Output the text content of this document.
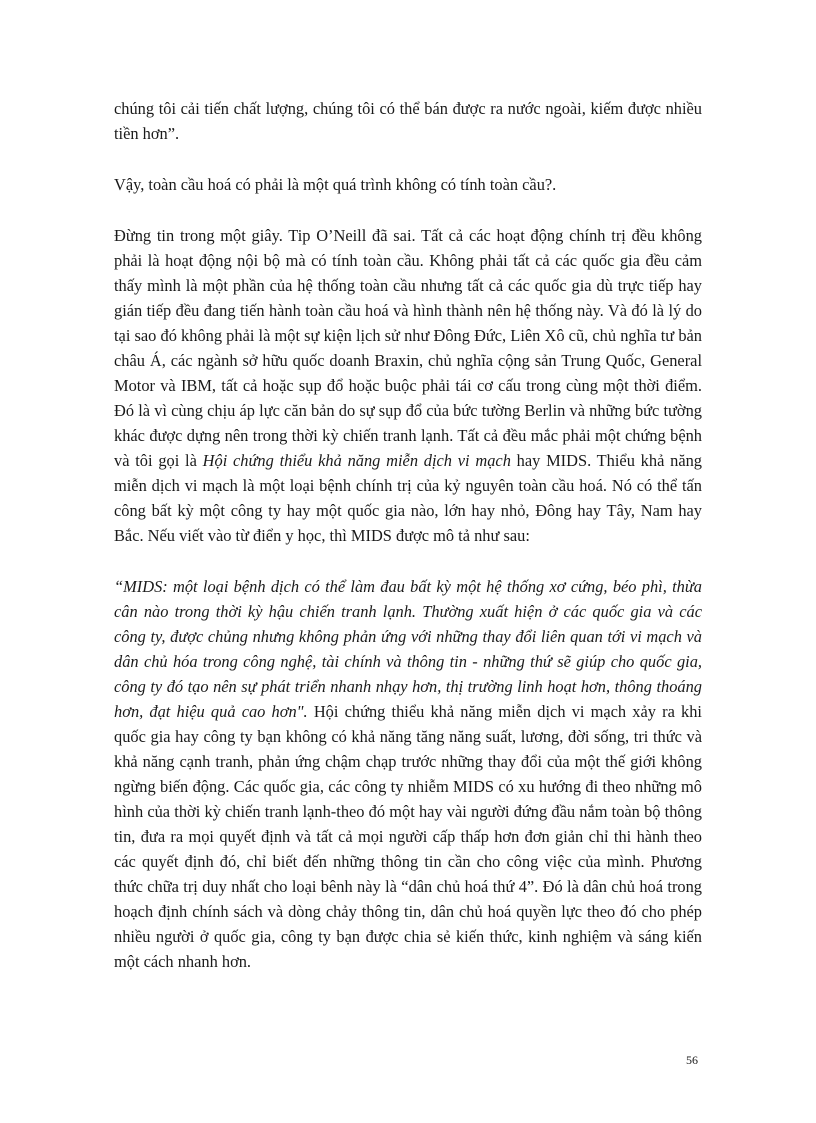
chúng tôi cải tiến chất lượng, chúng tôi có thể bán được ra nước ngoài, kiếm được nhiều tiền hơn”.

Vậy, toàn cầu hoá có phải là một quá trình không có tính toàn cầu?.

Đừng tin trong một giây. Tip O’Neill đã sai. Tất cả các hoạt động chính trị đều không phải là hoạt động nội bộ mà có tính toàn cầu. Không phải tất cả các quốc gia đều cảm thấy mình là một phần của hệ thống toàn cầu nhưng tất cả các quốc gia dù trực tiếp hay gián tiếp đều đang tiến hành toàn cầu hoá và hình thành nên hệ thống này. Và đó là lý do tại sao đó không phải là một sự kiện lịch sử như Đông Đức, Liên Xô cũ, chủ nghĩa tư bản châu Á, các ngành sở hữu quốc doanh Braxin, chủ nghĩa cộng sản Trung Quốc, General Motor và IBM, tất cả hoặc sụp đổ hoặc buộc phải tái cơ cấu trong cùng một thời điểm. Đó là vì cùng chịu áp lực căn bản do sự sụp đổ của bức tường Berlin và những bức tường khác được dựng nên trong thời kỳ chiến tranh lạnh. Tất cả đều mắc phải một chứng bệnh và tôi gọi là Hội chứng thiểu khả năng miễn dịch vi mạch hay MIDS. Thiểu khả năng miễn dịch vi mạch là một loại bệnh chính trị của kỷ nguyên toàn cầu hoá. Nó có thể tấn công bất kỳ một công ty hay một quốc gia nào, lớn hay nhỏ, Đông hay Tây, Nam hay Bắc. Nếu viết vào từ điển y học, thì MIDS được mô tả như sau:

“MIDS: một loại bệnh dịch có thể làm đau bất kỳ một hệ thống xơ cứng, béo phì, thừa cân nào trong thời kỳ hậu chiến tranh lạnh. Thường xuất hiện ở các quốc gia và các công ty, được chủng nhưng không phản ứng với những thay đổi liên quan tới vi mạch và dân chủ hóa trong công nghệ, tài chính và thông tin - những thứ sẽ giúp cho quốc gia, công ty đó tạo nên sự phát triển nhanh nhạy hơn, thị trường linh hoạt hơn, thông thoáng hơn, đạt hiệu quả cao hơn". Hội chứng thiểu khả năng miễn dịch vi mạch xảy ra khi quốc gia hay công ty bạn không có khả năng tăng năng suất, lương, đời sống, tri thức và khả năng cạnh tranh, phản ứng chậm chạp trước những thay đổi của một thế giới không ngừng biến động. Các quốc gia, các công ty nhiễm MIDS có xu hướng đi theo những mô hình của thời kỳ chiến tranh lạnh-theo đó một hay vài người đứng đầu nắm toàn bộ thông tin, đưa ra mọi quyết định và tất cả mọi người cấp thấp hơn đơn giản chỉ thi hành theo các quyết định đó, chỉ biết đến những thông tin cần cho công việc của mình. Phương thức chữa trị duy nhất cho loại bênh này là “dân chủ hoá thứ 4”. Đó là dân chủ hoá trong hoạch định chính sách và dòng chảy thông tin, dân chủ hoá quyền lực theo đó cho phép nhiều người ở quốc gia, công ty bạn được chia sẻ kiến thức, kinh nghiệm và sáng kiến một cách nhanh hơn.

56
